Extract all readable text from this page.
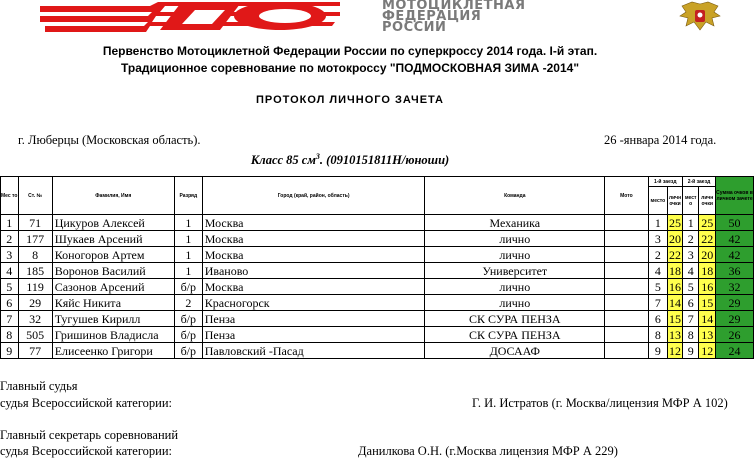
МОТОЦИКЛЕТНАЯ
ФЕДЕРАЦИЯ
РОССИИ
Первенство Мотоциклетной Федерации России по суперкроссу 2014 года. I-й этап.
Традиционное соревнование по мотокроссу "ПОДМОСКОВНАЯ ЗИМА -2014"
ПРОТОКОЛ ЛИЧНОГО ЗАЧЕТА
г. Люберцы (Московская область).	26 -январа 2014 года.
Класс 85 $см^3$. (0910151811Н/юноши)
Мес то	Ст. №	Фамилия, Имя	Разряд	Город (край, район, область)	Команда	Мото	1-й заезд		2-й заезд		Сумма очков в личном зачете
							место	личн очки	мест о	личн очки	
1	71	Цикуров Алексей	1	Москва	Механика		1	25	1	25	50
2	177	Шукаев Арсений	1	Москва	лично		3	20	2	22	42
3	8	Коногоров Артем	1	Москва	лично		2	22	3	20	42
4	185	Воронов Василий	1	Иваново	Университет		4	18	4	18	36
5	119	Сазонов Арсений	б/р	Москва	лично		5	16	5	16	32
6	29	Кяйс Никита	2	Красногорск	лично		7	14	6	15	29
7	32	Тугушев Кирилл	б/р	Пенза	СК СУРА ПЕНЗА		6	15	7	14	29
8	505	Гришинов Владисла	б/р	Пенза	СК СУРА ПЕНЗА		8	13	8	13	26
9	77	Елисеенко Григори	б/р	Павловский -Пасад	ДОСААФ		9	12	9	12	24
Главный судья
судья Всероссийской категории:	Г. И. Истратов (г. Москва/лицензия МФР А 102)
Главный секретарь соревнований
судья Всероссийской категории:	Данилкова О.Н. (г.Москва лицензия МФР А 229)
